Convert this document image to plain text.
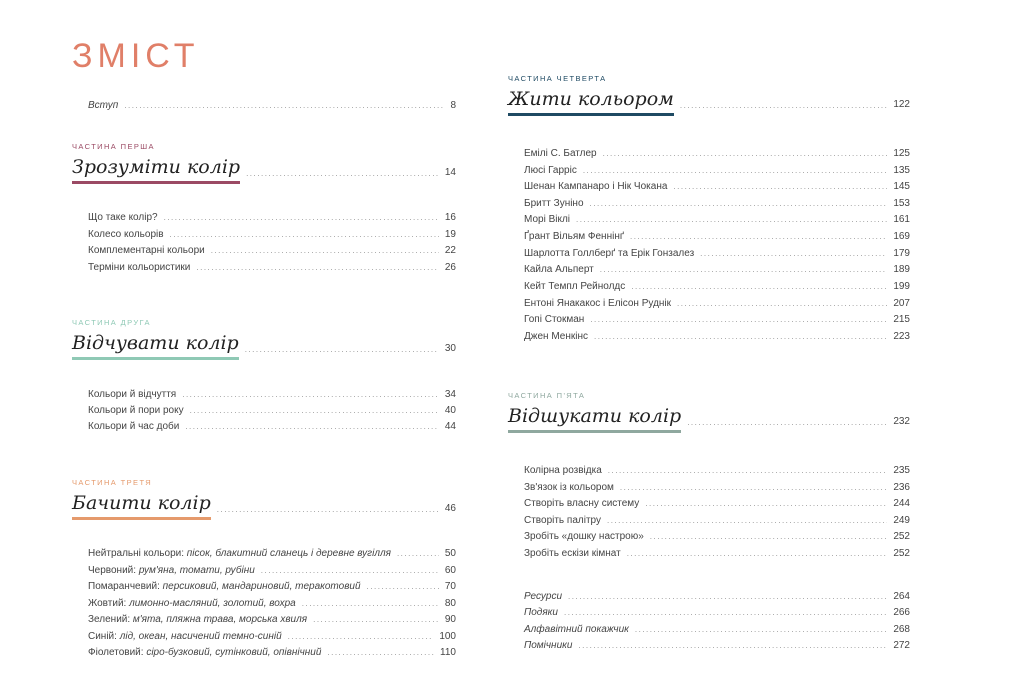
ЗМІСТ
Вступ .....	8
ЧАСТИНА ПЕРША
Зрозуміти колір .....	14
Що таке колір? .....	16
Колесо кольорів .....	19
Комплементарні кольори .....	22
Терміни кольористики .....	26
ЧАСТИНА ДРУГА
Відчувати колір .....	30
Кольори й відчуття .....	34
Кольори й пори року .....	40
Кольори й час доби .....	44
ЧАСТИНА ТРЕТЯ
Бачити колір .....	46
Нейтральні кольори: пісок, блакитний сланець і деревне вугілля .....	50
Червоний: рум'яна, томати, рубіни .....	60
Помаранчевий: персиковий, мандариновий, теракотовий .....	70
Жовтий: лимонно-масляний, золотий, вохра .....	80
Зелений: м'ята, пляжна трава, морська хвиля .....	90
Синій: лід, океан, насичений темно-синій .....	100
Фіолетовий: сіро-бузковий, сутінковий, опівнічний .....	110
ЧАСТИНА ЧЕТВЕРТА
Жити кольором .....	122
Емілі С. Батлер .....	125
Люсі Гарріс .....	135
Шенан Кампанаро і Нік Чокана .....	145
Бритт Зуніно .....	153
Морі Віклі .....	161
Ґрант Вільям Феннінґ .....	169
Шарлотта Голлберґ та Ерік Гонзалез .....	179
Кайла Альперт .....	189
Кейт Темпл Рейнолдс .....	199
Ентоні Янакакос і Елісон Руднік .....	207
Гопі Стокман .....	215
Джен Менкінс .....	223
ЧАСТИНА П'ЯТА
Відшукати колір .....	232
Колірна розвідка .....	235
Зв'язок із кольором .....	236
Створіть власну систему .....	244
Створіть палітру .....	249
Зробіть «дошку настрою» .....	252
Зробіть ескізи кімнат .....	252
Ресурси .....	264
Подяки .....	266
Алфавітний покажчик .....	268
Помічники .....	272
